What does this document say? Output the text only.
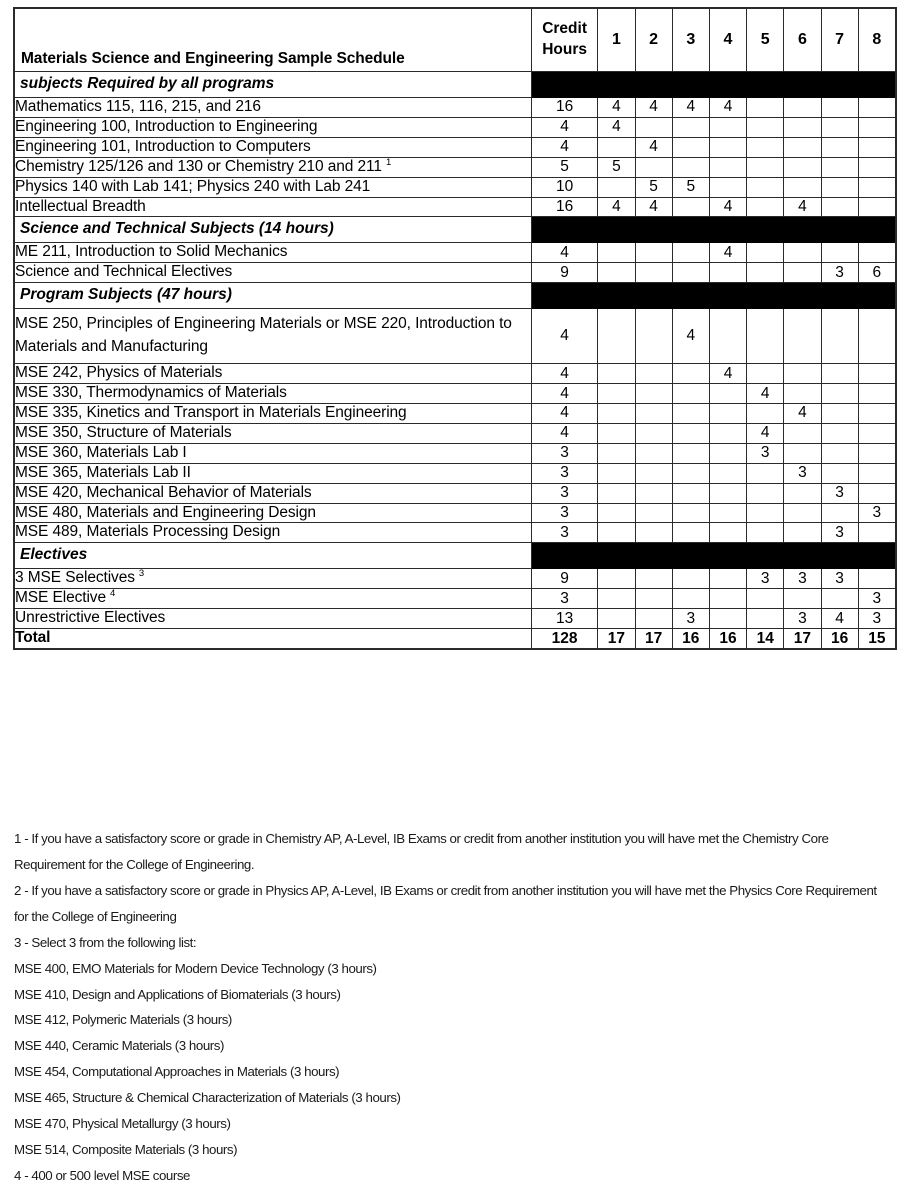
Materials Science and Engineering Sample Schedule	Credit
Hours	1	2	3	4	5	6	7	8
subjects Required by all programs									
Mathematics 115, 116, 215, and 216	16	4	4	4	4				
Engineering 100, Introduction to Engineering	4	4							
Engineering 101, Introduction to Computers	4		4						
Chemistry 125/126 and 130 or Chemistry 210 and 211 $^1$	5	5							
Physics 140 with Lab 141; Physics 240 with Lab 241	10		5	5					
Intellectual Breadth	16	4	4		4		4		
Science and Technical Subjects (14 hours)									
ME 211, Introduction to Solid Mechanics	4				4				
Science and Technical Electives	9							3	6
Program Subjects (47 hours)									
MSE 250, Principles of Engineering Materials or MSE 220, Introduction to Materials and Manufacturing	4			4					
MSE 242, Physics of Materials	4				4				
MSE 330, Thermodynamics of Materials	4					4			
MSE 335, Kinetics and Transport in Materials Engineering	4						4		
MSE 350, Structure of Materials	4					4			
MSE 360, Materials Lab I	3					3			
MSE 365, Materials Lab II	3						3		
MSE 420, Mechanical Behavior of Materials	3							3	
MSE 480, Materials and Engineering Design	3								3
MSE 489, Materials Processing Design	3							3	
Electives									
3 MSE Selectives $^3$	9					3	3	3	
MSE Elective $^4$	3								3
Unrestrictive Electives	13			3			3	4	3
Total	128	17	17	16	16	14	17	16	15

1 - If you have a satisfactory score or grade in Chemistry AP, A-Level, IB Exams or credit from another institution you will have met the Chemistry Core Requirement for the College of Engineering.

2 - If you have a satisfactory score or grade in Physics AP, A-Level, IB Exams or credit from another institution you will have met the Physics Core Requirement for the College of Engineering

3 - Select 3 from the following list:

MSE 400, EMO Materials for Modern Device Technology (3 hours)

MSE 410, Design and Applications of Biomaterials (3 hours)

MSE 412, Polymeric Materials (3 hours)

MSE 440, Ceramic Materials (3 hours)

MSE 454, Computational Approaches in Materials (3 hours)

MSE 465, Structure & Chemical Characterization of Materials (3 hours)

MSE 470, Physical Metallurgy (3 hours)

MSE 514, Composite Materials (3 hours)

4 - 400 or 500 level MSE course
